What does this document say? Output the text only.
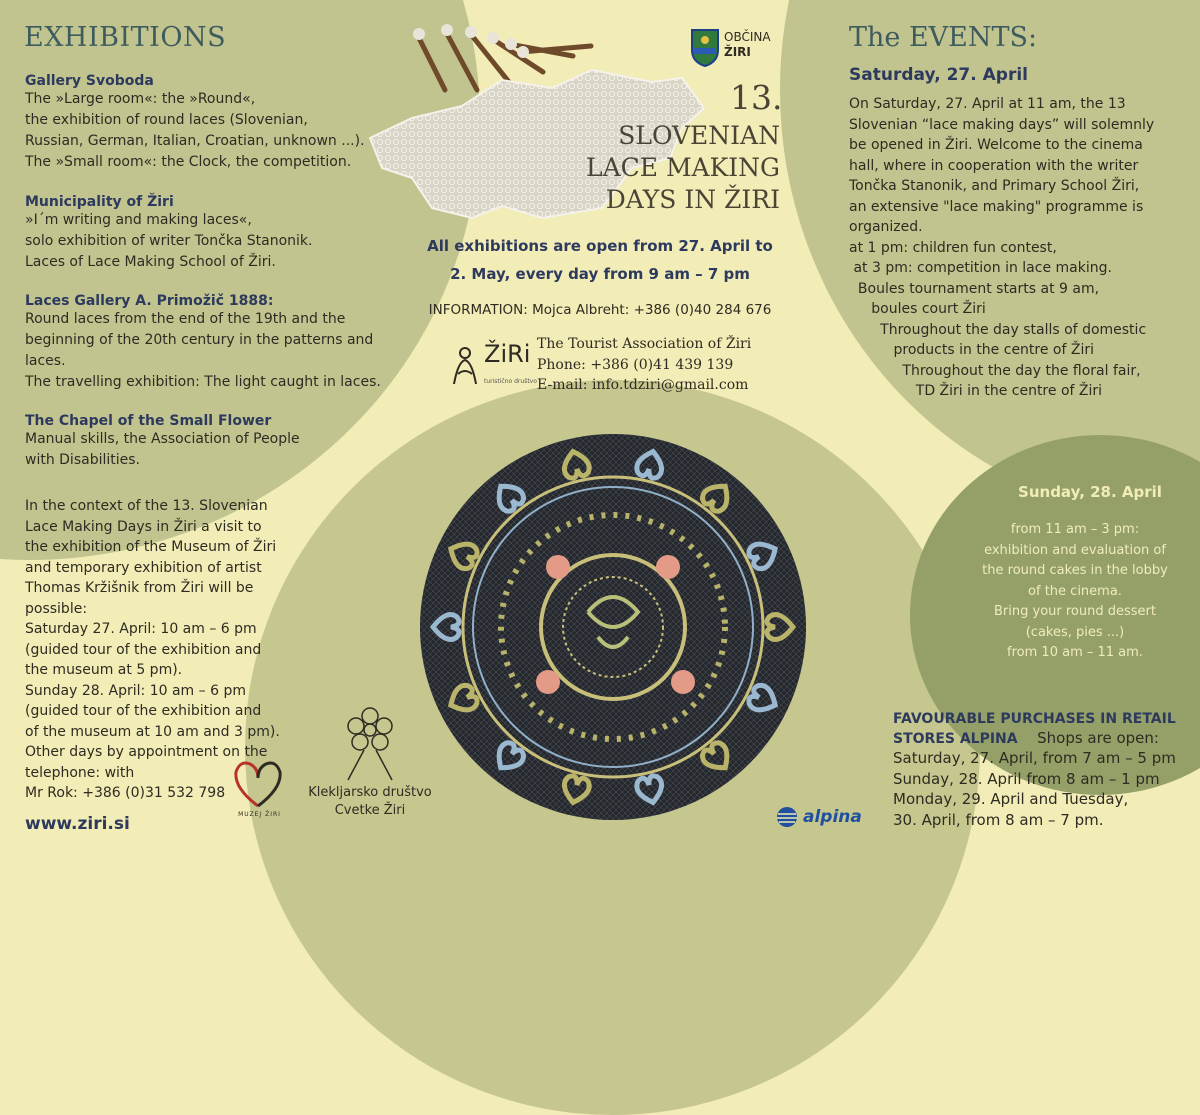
EXHIBITIONS
Gallery Svoboda
The »Large room«: the »Round«,
the exhibition of round laces (Slovenian,
Russian, German, Italian, Croatian, unknown ...).
The »Small room«: the Clock, the competition.
Municipality of Žiri
»I´m writing and making laces«,
solo exhibition of writer Tončka Stanonik.
Laces of Lace Making School of Žiri.
Laces Gallery A. Primožič 1888:
Round laces from the end of the 19th and the
beginning of the 20th century in the patterns and
laces.
The travelling exhibition: The light caught in laces.
The Chapel of the Small Flower
Manual skills, the Association of People
with Disabilities.
In the context of the 13. Slovenian
Lace Making Days in Žiri a visit to
the exhibition of the Museum of Žiri
and temporary exhibition of artist
Thomas Kržišnik from Žiri will be
possible:
Saturday 27. April: 10 am – 6 pm
(guided tour of the exhibition and
the museum at 5 pm).
Sunday 28. April: 10 am – 6 pm
(guided tour of the exhibition and
of the museum at 10 am and 3 pm).
Other days by appointment on the
telephone: with
Mr Rok: +386 (0)31 532 798
www.ziri.si
OBČINA
ŽIRI
13.
SLOVENIAN
LACE MAKING
DAYS IN ŽIRI
All exhibitions are open from 27. April to
2. May, every day from 9 am – 7 pm
INFORMATION: Mojca Albreht: +386 (0)40 284 676
ŽiRi
turistično društvo
The Tourist Association of Žiri
Phone: +386 (0)41 439 139
E-mail: info.tdziri@gmail.com
The EVENTS:
Saturday, 27. April
On Saturday, 27. April at 11 am, the 13
Slovenian “lace making days” will solemnly
be opened in Žiri. Welcome to the cinema
hall, where in cooperation with the writer
Tončka Stanonik, and Primary School Žiri,
an extensive "lace making" programme is
organized.
at 1 pm: children fun contest,
at 3 pm: competition in lace making.
Boules tournament starts at 9 am,
boules court Žiri
Throughout the day stalls of domestic
products in the centre of Žiri
Throughout the day the floral fair,
TD Žiri in the centre of Žiri
Sunday, 28. April
from 11 am – 3 pm:
exhibition and evaluation of
the round cakes in the lobby
of the cinema.
Bring your round dessert
(cakes, pies ...)
from 10 am – 11 am.
FAVOURABLE PURCHASES IN RETAIL STORES ALPINA Shops are open:
Saturday, 27. April, from 7 am – 5 pm
Sunday, 28. April from 8 am – 1 pm
Monday, 29. April and Tuesday,
30. April, from 8 am – 7 pm.
Kleklјarsko društvo
Cvetke Žiri
MUZEJ ŽIRI	alpina
